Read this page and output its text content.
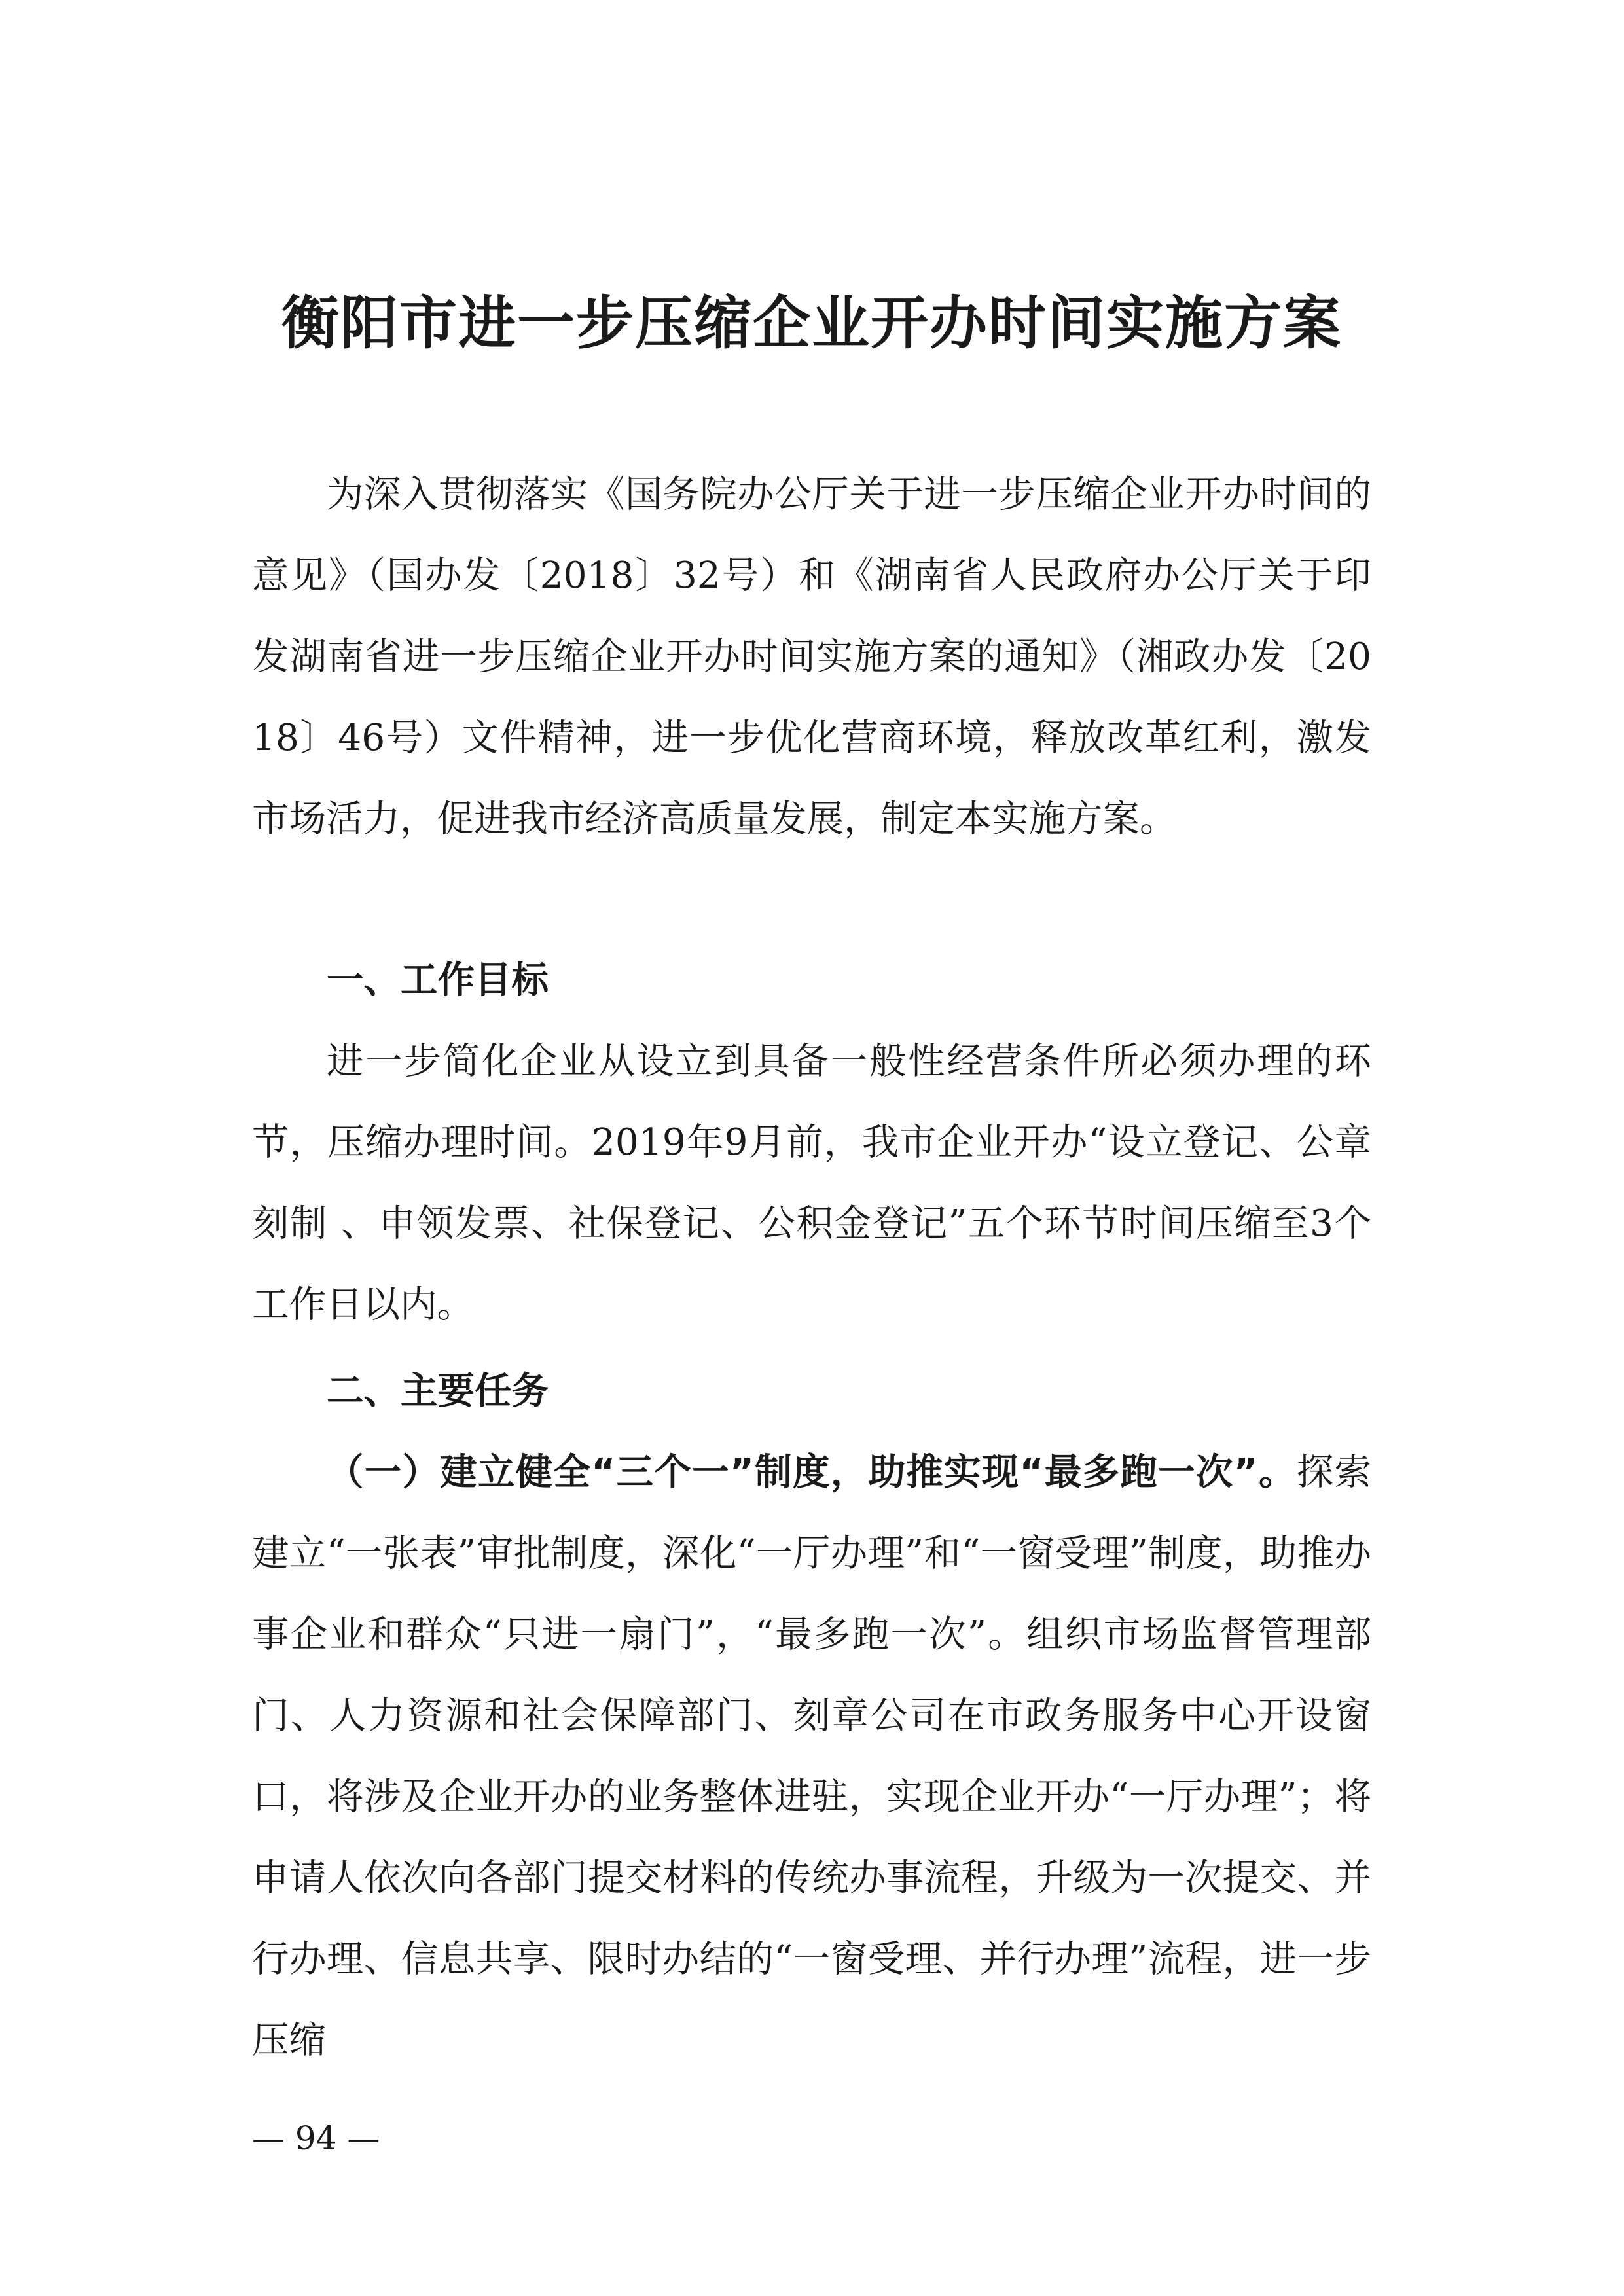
衡阳市进一步压缩企业开办时间实施方案

为深入贯彻落实《国务院办公厅关于进一步压缩企业开办时间的意见》（国办发〔2018〕32号）和《湖南省人民政府办公厅关于印发湖南省进一步压缩企业开办时间实施方案的通知》（湘政办发〔2018〕46号）文件精神，进一步优化营商环境，释放改革红利，激发市场活力，促进我市经济高质量发展，制定本实施方案。

一、工作目标

进一步简化企业从设立到具备一般性经营条件所必须办理的环节，压缩办理时间。2019年9月前，我市企业开办“设立登记、公章刻制 、申领发票、社保登记、公积金登记”五个环节时间压缩至3个工作日以内。

二、主要任务

（一）建立健全“三个一”制度，助推实现“最多跑一次”。探索建立“一张表”审批制度，深化“一厅办理”和“一窗受理”制度，助推办事企业和群众“只进一扇门”，“最多跑一次”。组织市场监督管理部门、人力资源和社会保障部门、刻章公司在市政务服务中心开设窗口，将涉及企业开办的业务整体进驻，实现企业开办“一厅办理”；将申请人依次向各部门提交材料的传统办事流程，升级为一次提交、并行办理、信息共享、限时办结的“一窗受理、并行办理”流程，进一步压缩

— 94 —
